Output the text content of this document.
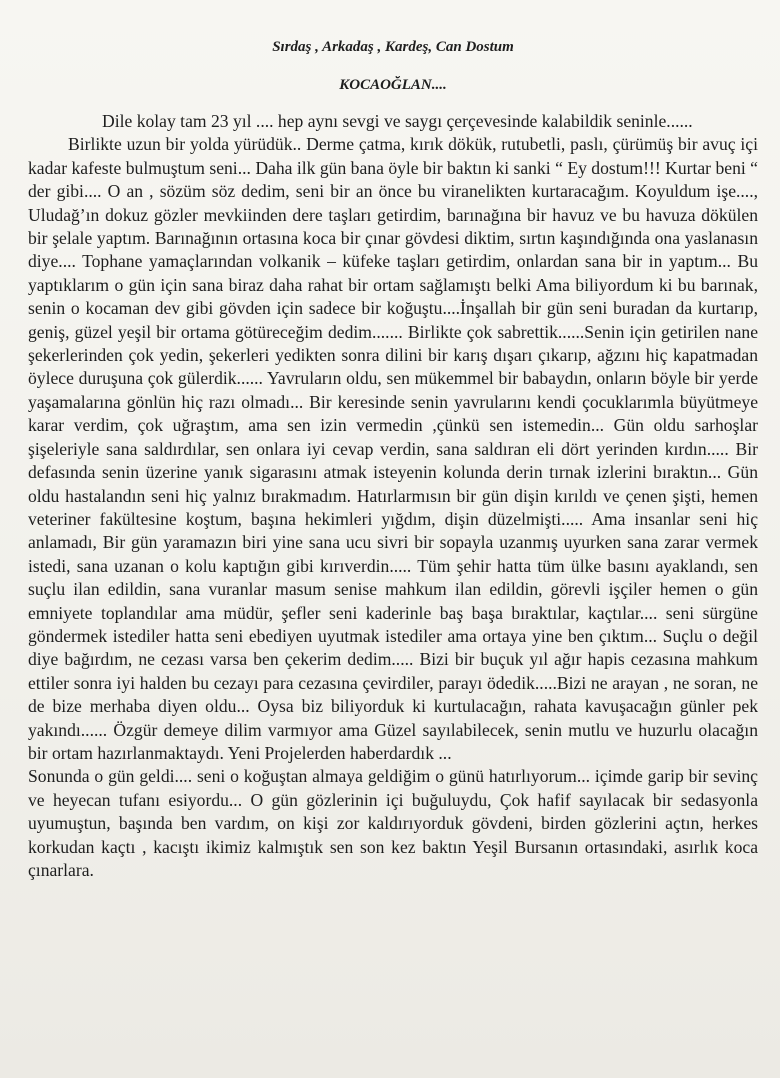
Sırdaş , Arkadaş , Kardeş, Can Dostum

KOCAOĞLAN....

Dile kolay tam 23 yıl .... hep aynı sevgi ve saygı çerçevesinde kalabildik seninle......

Birlikte uzun bir yolda yürüdük.. Derme çatma, kırık dökük, rutubetli, paslı, çürümüş bir avuç içi kadar kafeste bulmuştum seni... Daha ilk gün bana öyle bir baktın ki sanki “ Ey dostum!!! Kurtar beni “ der gibi.... O an , sözüm söz dedim, seni bir an önce bu viranelikten kurtaracağım. Koyuldum işe...., Uludağ’ın dokuz gözler mevkiinden dere taşları getirdim, barınağına bir havuz ve bu havuza dökülen bir şelale yaptım. Barınağının ortasına koca bir çınar gövdesi diktim, sırtın kaşındığında ona yaslanasın diye.... Tophane yamaçlarından volkanik – küfeke taşları getirdim, onlardan sana bir in yaptım... Bu yaptıklarım o gün için sana biraz daha rahat bir ortam sağlamıştı belki Ama biliyordum ki bu barınak, senin o kocaman dev gibi gövden için sadece bir koğuştu....İnşallah bir gün seni buradan da kurtarıp, geniş, güzel yeşil bir ortama götüreceğim dedim....... Birlikte çok sabrettik......Senin için getirilen nane şekerlerinden çok yedin, şekerleri yedikten sonra dilini bir karış dışarı çıkarıp, ağzını hiç kapatmadan öylece duruşuna çok gülerdik...... Yavruların oldu, sen mükemmel bir babaydın, onların böyle bir yerde yaşamalarına gönlün hiç razı olmadı... Bir keresinde senin yavrularını kendi çocuklarımla büyütmeye karar verdim, çok uğraştım, ama sen izin vermedin ,çünkü sen istemedin... Gün oldu sarhoşlar şişeleriyle sana saldırdılar, sen onlara iyi cevap verdin, sana saldıran eli dört yerinden kırdın..... Bir defasında senin üzerine yanık sigarasını atmak isteyenin kolunda derin tırnak izlerini bıraktın... Gün oldu hastalandın seni hiç yalnız bırakmadım. Hatırlarmısın bir gün dişin kırıldı ve çenen şişti, hemen veteriner fakültesine koştum, başına hekimleri yığdım, dişin düzelmişti..... Ama insanlar seni hiç anlamadı, Bir gün yaramazın biri yine sana ucu sivri bir sopayla uzanmış uyurken sana zarar vermek istedi, sana uzanan o kolu kaptığın gibi kırıverdin..... Tüm şehir hatta tüm ülke basını ayaklandı, sen suçlu ilan edildin, sana vuranlar masum senise mahkum ilan edildin, görevli işçiler hemen o gün emniyete toplandılar ama müdür, şefler seni kaderinle baş başa bıraktılar, kaçtılar.... seni sürgüne göndermek istediler hatta seni ebediyen uyutmak istediler ama ortaya yine ben çıktım... Suçlu o değil diye bağırdım, ne cezası varsa ben çekerim dedim..... Bizi bir buçuk yıl ağır hapis cezasına mahkum ettiler sonra iyi halden bu cezayı para cezasına çevirdiler, parayı ödedik.....Bizi ne arayan , ne soran, ne de bize merhaba diyen oldu... Oysa biz biliyorduk ki kurtulacağın, rahata kavuşacağın günler pek yakındı...... Özgür demeye dilim varmıyor ama Güzel sayılabilecek, senin mutlu ve huzurlu olacağın bir ortam hazırlanmaktaydı. Yeni Projelerden haberdardık ...

Sonunda o gün geldi.... seni o koğuştan almaya geldiğim o günü hatırlıyorum... içimde garip bir sevinç ve heyecan tufanı esiyordu... O gün gözlerinin içi buğuluydu, Çok hafif sayılacak bir sedasyonla uyumuştun, başında ben vardım, on kişi zor kaldırıyorduk gövdeni, birden gözlerini açtın, herkes korkudan kaçtı , kacıştı ikimiz kalmıştık sen son kez baktın Yeşil Bursanın ortasındaki, asırlık koca çınarlara.
